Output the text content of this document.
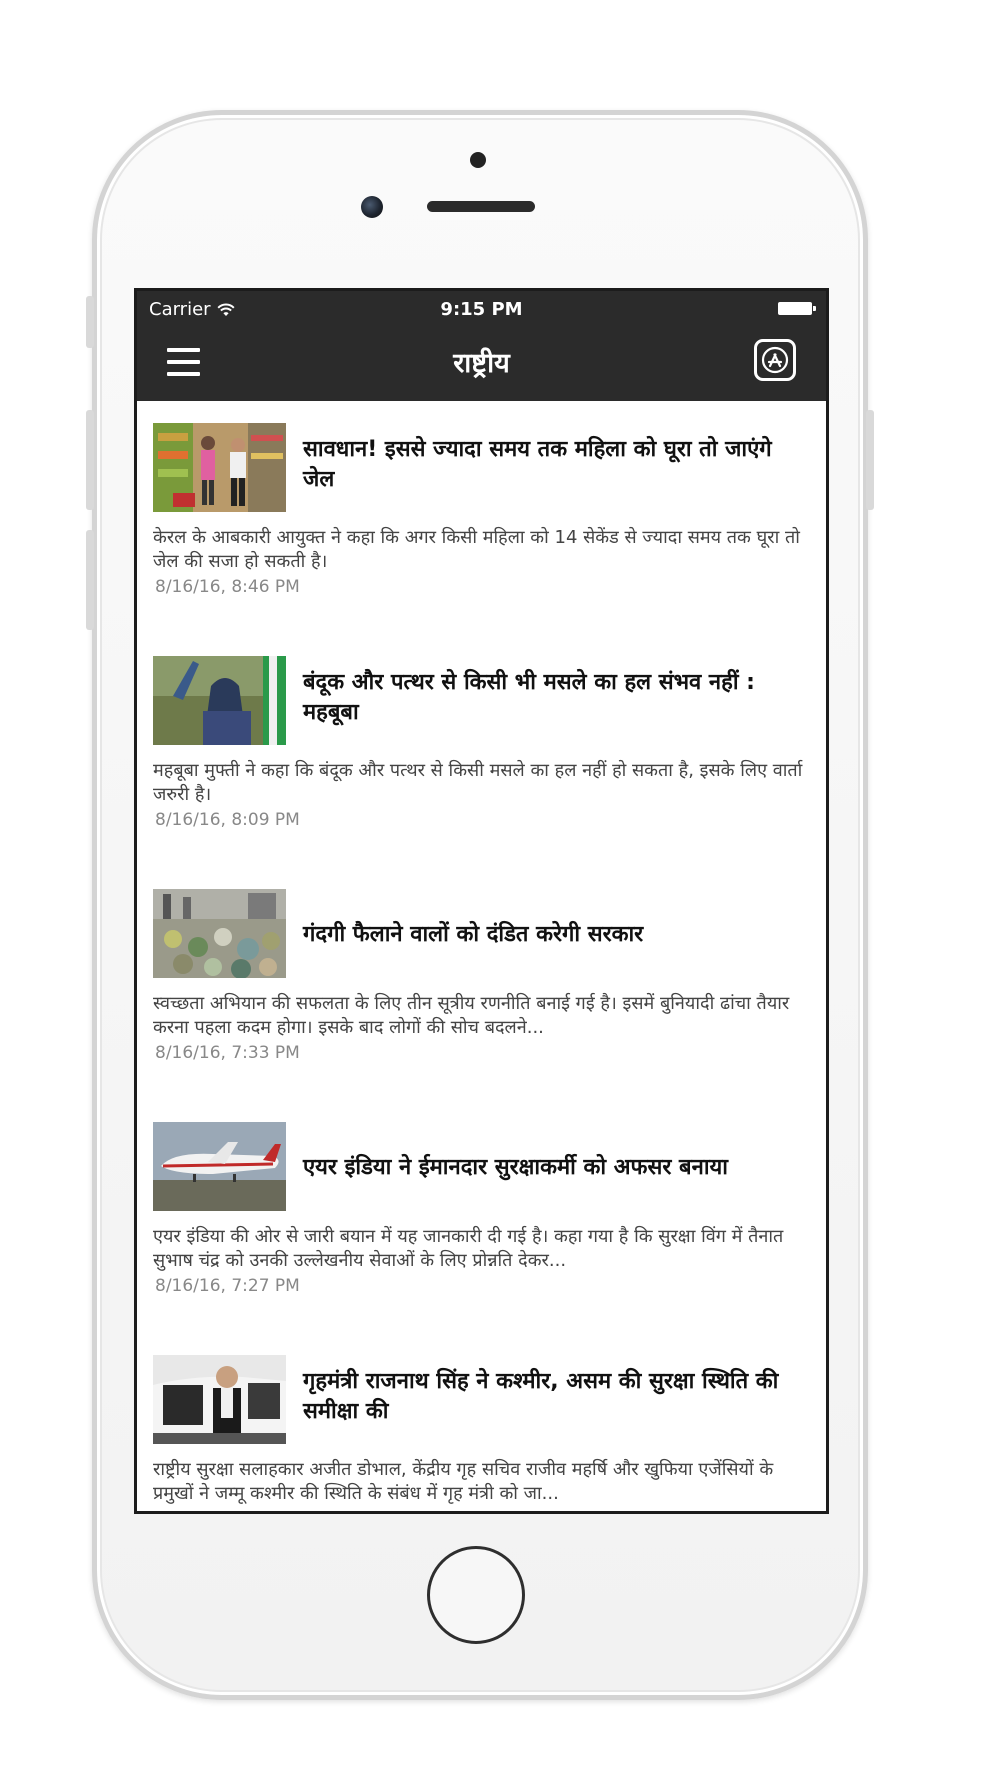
Carrier	9:15 PM
राष्ट्रीय
सावधान! इससे ज्यादा समय तक महिला को घूरा तो जाएंगे जेल
केरल के आबकारी आयुक्त ने कहा कि अगर किसी महिला को 14 सेकेंड से ज्यादा समय तक घूरा तो जेल की सजा हो सकती है।
8/16/16, 8:46 PM
बंदूक और पत्थर से किसी भी मसले का हल संभव नहीं : महबूबा
महबूबा मुफ्ती ने कहा कि बंदूक और पत्थर से किसी मसले का हल नहीं हो सकता है, इसके लिए वार्ता जरुरी है।
8/16/16, 8:09 PM
गंदगी फैलाने वालों को दंडित करेगी सरकार
स्वच्छता अभियान की सफलता के लिए तीन सूत्रीय रणनीति बनाई गई है। इसमें बुनियादी ढांचा तैयार करना पहला कदम होगा। इसके बाद लोगों की सोच बदलने...
8/16/16, 7:33 PM
एयर इंडिया ने ईमानदार सुरक्षाकर्मी को अफसर बनाया
एयर इंडिया की ओर से जारी बयान में यह जानकारी दी गई है। कहा गया है कि सुरक्षा विंग में तैनात सुभाष चंद्र को उनकी उल्लेखनीय सेवाओं के लिए प्रोन्नति देकर...
8/16/16, 7:27 PM
गृहमंत्री राजनाथ सिंह ने कश्मीर, असम की सुरक्षा स्थिति की समीक्षा की
राष्ट्रीय सुरक्षा सलाहकार अजीत डोभाल, केंद्रीय गृह सचिव राजीव महर्षि और खुफिया एजेंसियों के प्रमुखों ने जम्मू कश्मीर की स्थिति के संबंध में गृह मंत्री को जा...
